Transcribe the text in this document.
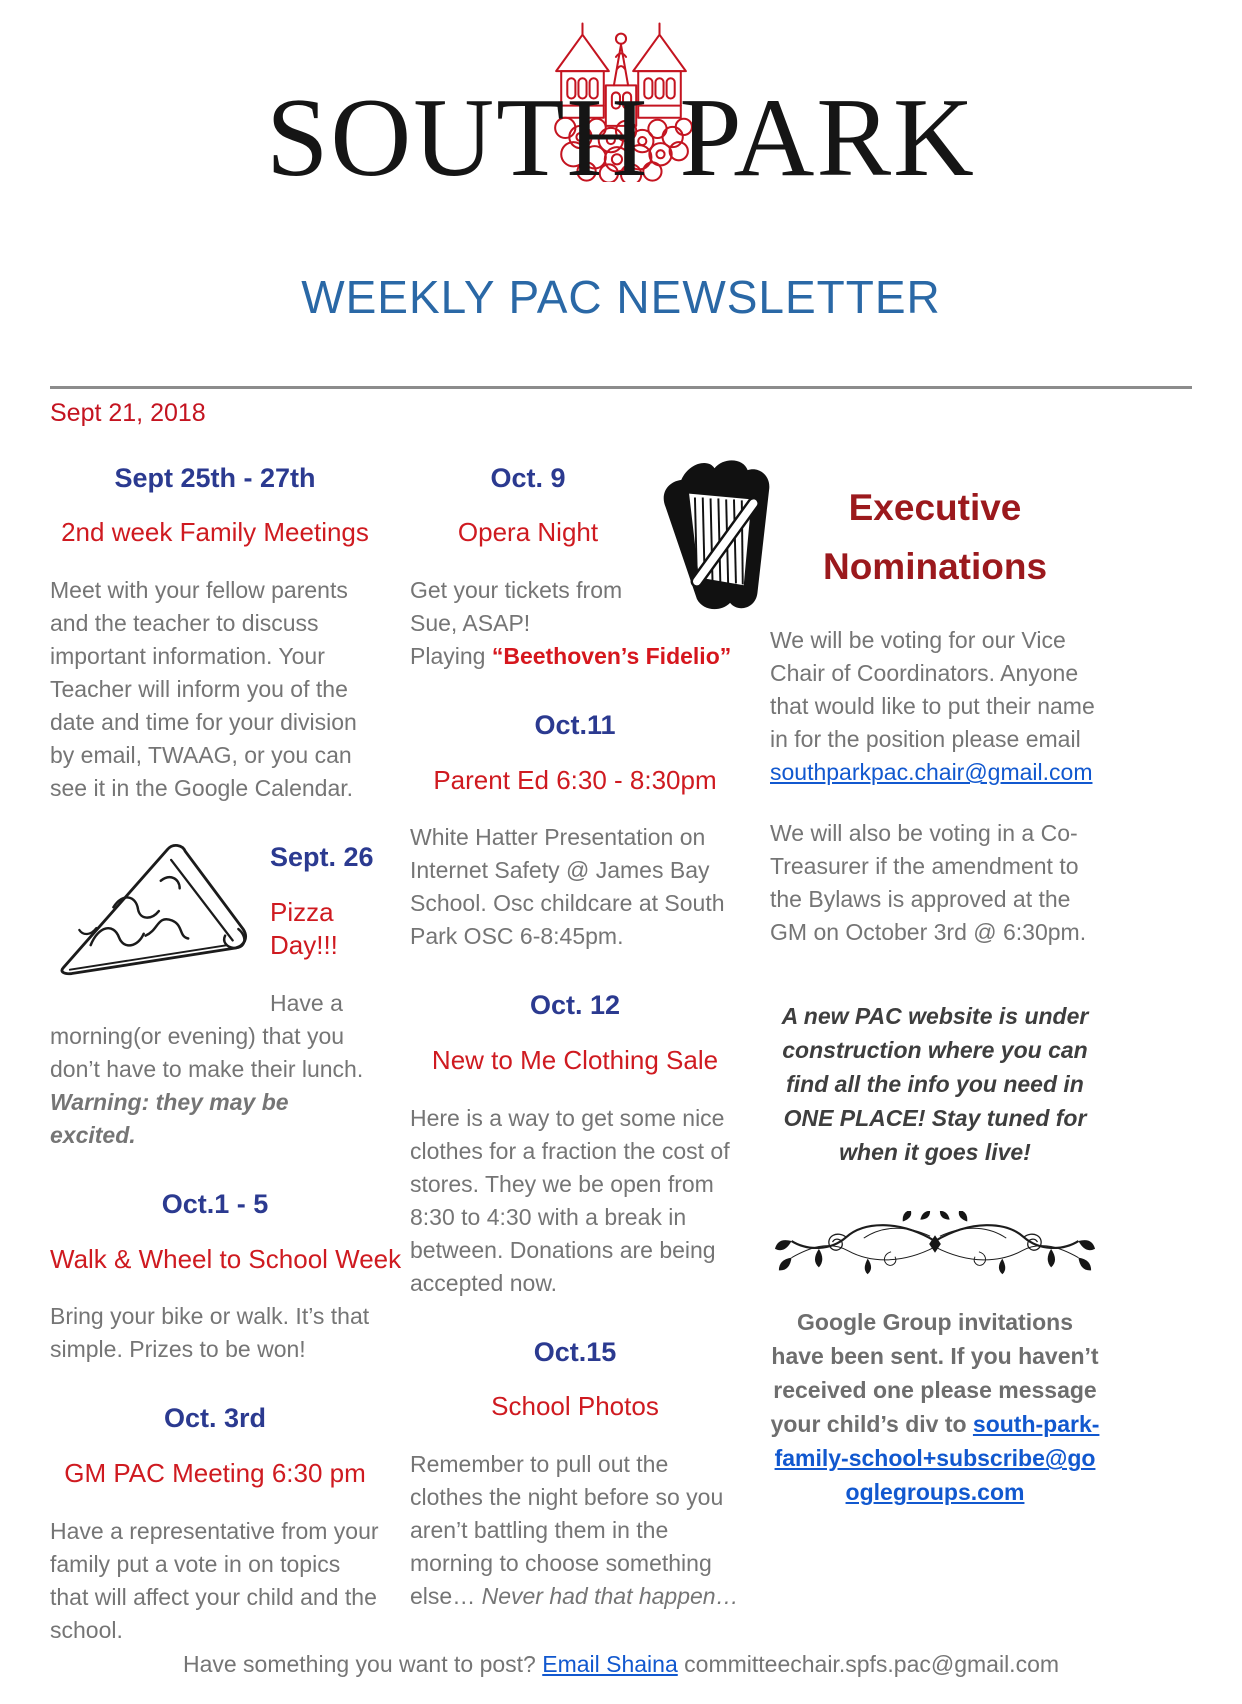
SOUTH PARK
WEEKLY PAC NEWSLETTER
Sept 21, 2018
Sept 25th - 27th
2nd week Family Meetings

Meet with your fellow parents and the teacher to discuss important information. Your Teacher will inform you of the date and time for your division by email, TWAAG, or you can see it in the Google Calendar.

Sept. 26
Pizza Day!!!

Have a morning(or evening) that you don’t have to make their lunch. Warning: they may be excited.

Oct.1 - 5
Walk & Wheel to School Week

Bring your bike or walk. It’s that simple. Prizes to be won!

Oct. 3rd
GM PAC Meeting 6:30 pm

Have a representative from your family put a vote in on topics that will affect your child and the school.

Oct. 9
Opera Night

Get your tickets from Sue, ASAP! Playing “Beethoven’s Fidelio”

Oct.11
Parent Ed 6:30 - 8:30pm

White Hatter Presentation on Internet Safety @ James Bay School. Osc childcare at South Park OSC 6-8:45pm.

Oct. 12
New to Me Clothing Sale

Here is a way to get some nice clothes for a fraction the cost of stores. They we be open from 8:30 to 4:30 with a break in between. Donations are being accepted now.

Oct.15
School Photos

Remember to pull out the clothes the night before so you aren’t battling them in the morning to choose something else… Never had that happen…

Executive Nominations

We will be voting for our Vice Chair of Coordinators. Anyone that would like to put their name in for the position please email southparkpac.chair@gmail.com

We will also be voting in a Co-Treasurer if the amendment to the Bylaws is approved at the GM on October 3rd @ 6:30pm.

A new PAC website is under construction where you can find all the info you need in ONE PLACE! Stay tuned for when it goes live!

Google Group invitations have been sent. If you haven’t received one please message your child’s div to south-park-family-school+subscribe@googlegroups.com

Have something you want to post? Email Shaina committeechair.spfs.pac@gmail.com
